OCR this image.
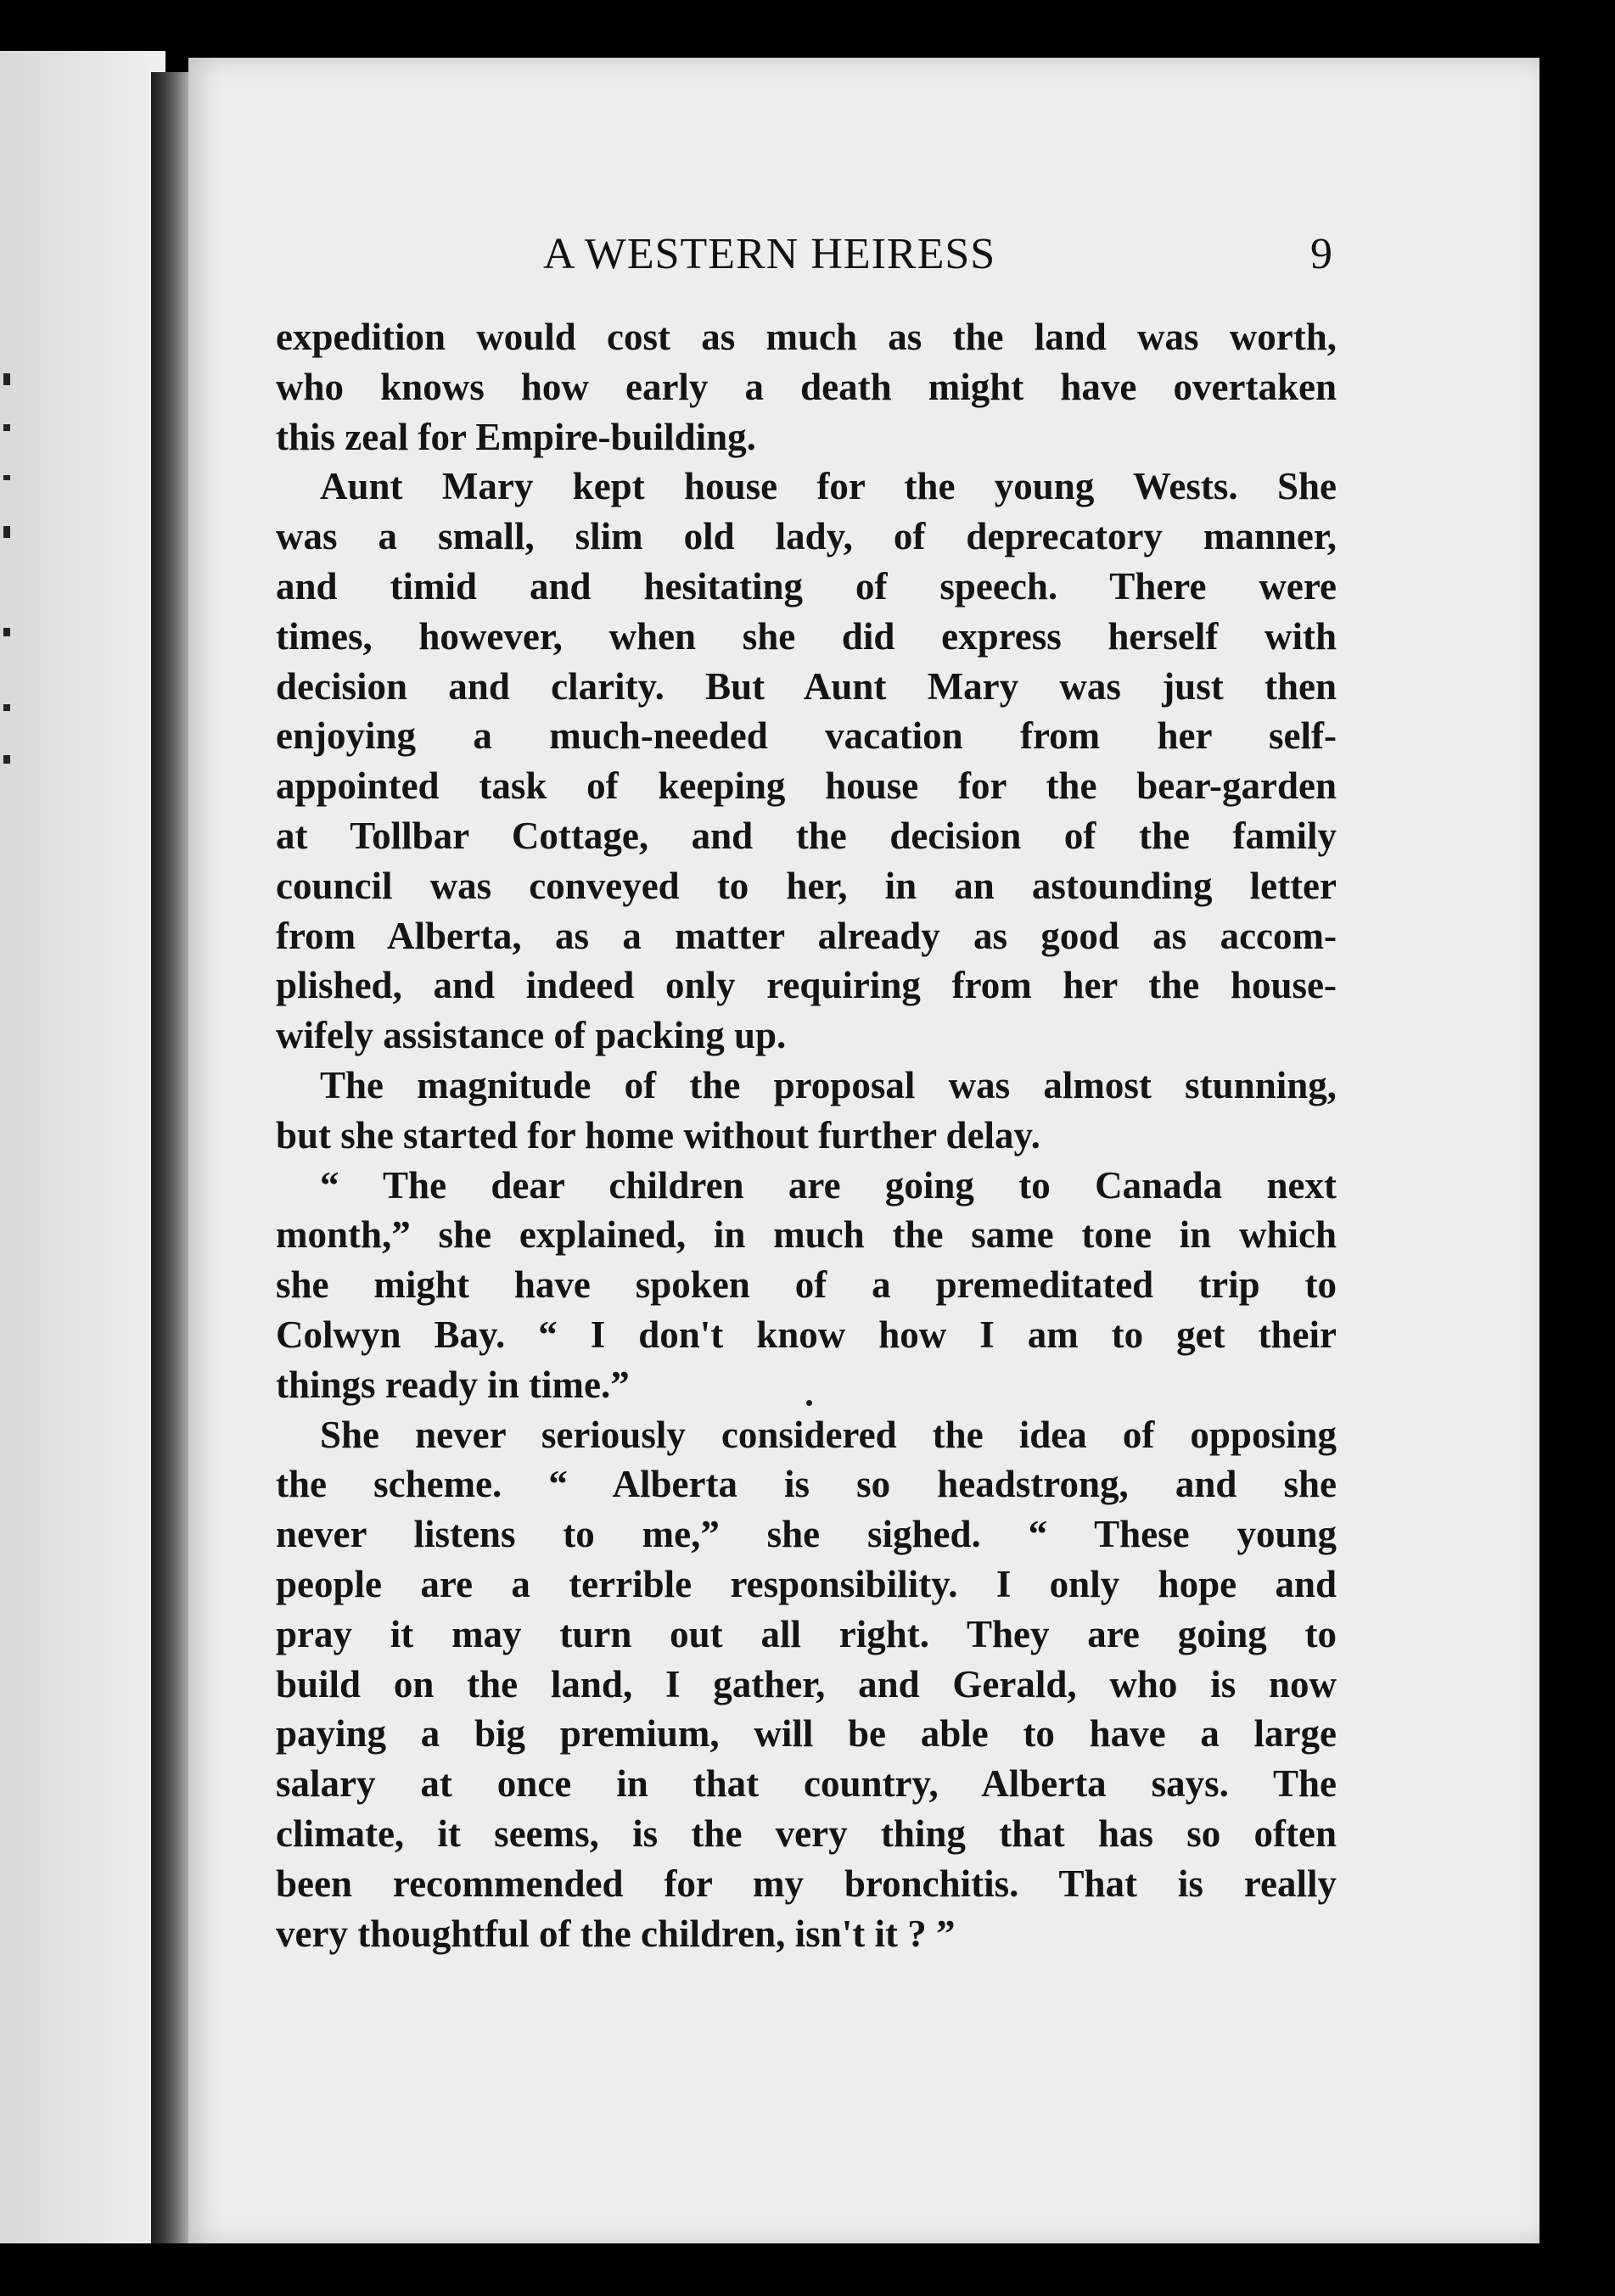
A WESTERN HEIRESS	9
expedition would cost as much as the land was worth,
who knows how early a death might have overtaken
this zeal for Empire-building.
Aunt Mary kept house for the young Wests. She
was a small, slim old lady, of deprecatory manner,
and timid and hesitating of speech. There were
times, however, when she did express herself with
decision and clarity. But Aunt Mary was just then
enjoying a much-needed vacation from her self-
appointed task of keeping house for the bear-garden
at Tollbar Cottage, and the decision of the family
council was conveyed to her, in an astounding letter
from Alberta, as a matter already as good as accom-
plished, and indeed only requiring from her the house-
wifely assistance of packing up.
The magnitude of the proposal was almost stunning,
but she started for home without further delay.
“ The dear children are going to Canada next
month,” she explained, in much the same tone in which
she might have spoken of a premeditated trip to
Colwyn Bay. “ I don't know how I am to get their
things ready in time.”
She never seriously considered the idea of opposing
the scheme. “ Alberta is so headstrong, and she
never listens to me,” she sighed. “ These young
people are a terrible responsibility. I only hope and
pray it may turn out all right. They are going to
build on the land, I gather, and Gerald, who is now
paying a big premium, will be able to have a large
salary at once in that country, Alberta says. The
climate, it seems, is the very thing that has so often
been recommended for my bronchitis. That is really
very thoughtful of the children, isn't it ? ”
